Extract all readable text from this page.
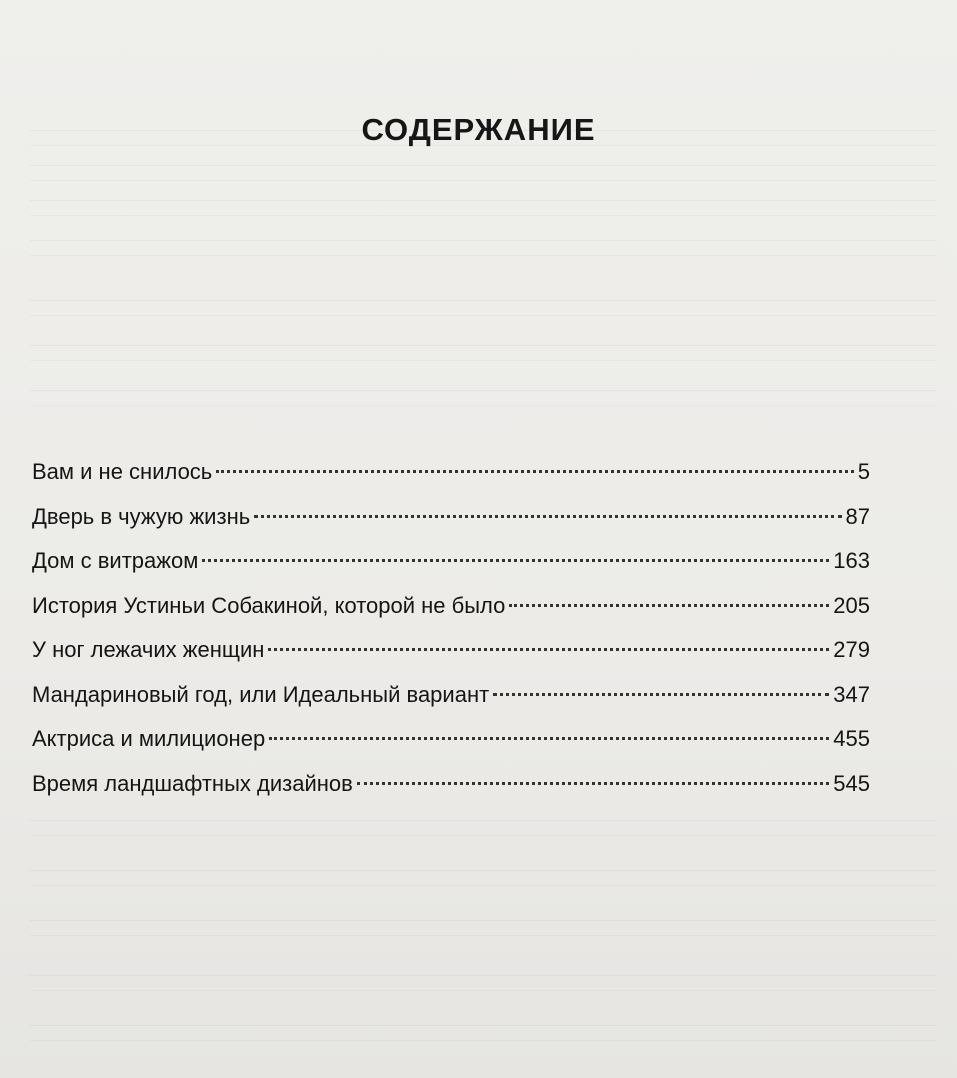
СОДЕРЖАНИЕ
Вам и не снилось	5
Дверь в чужую жизнь	87
Дом с витражом	163
История Устиньи Собакиной, которой не было	205
У ног лежачих женщин	279
Мандариновый год, или Идеальный вариант	347
Актриса и милиционер	455
Время ландшафтных дизайнов	545
